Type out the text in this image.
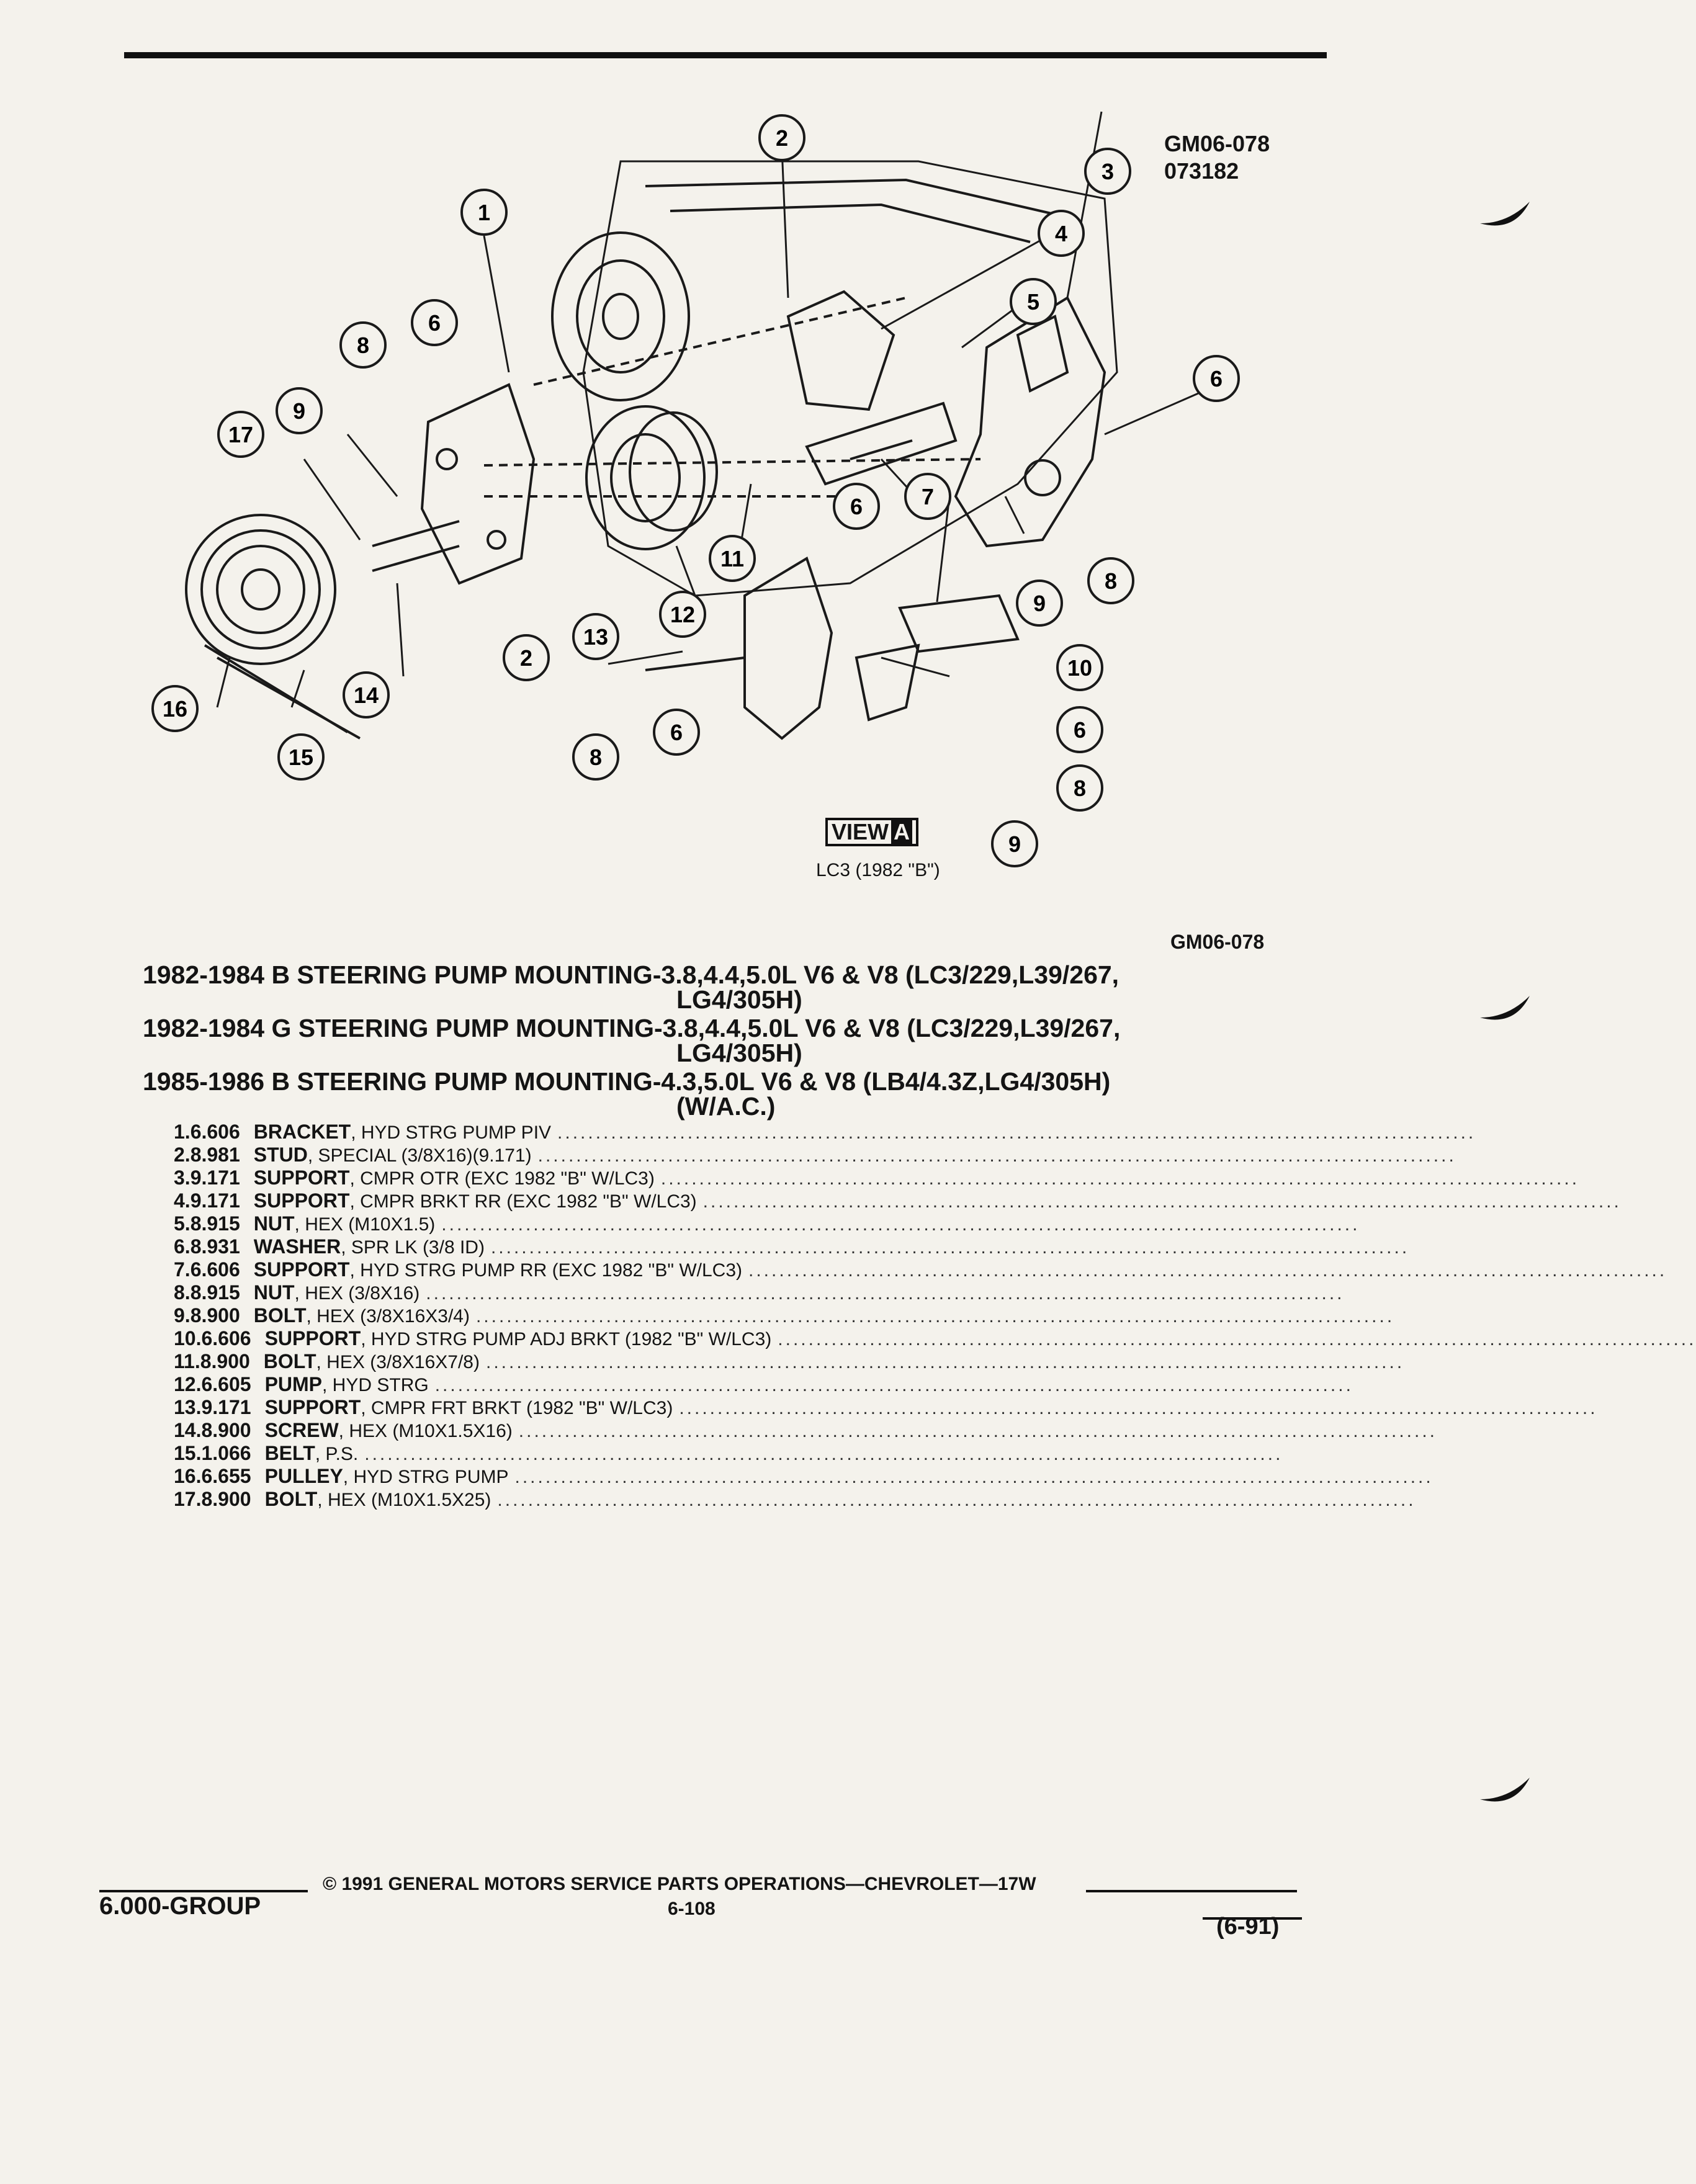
GM06-078
073182
1
2
3
4
5
6
6
6
6	6
7
8
8
8
8
9
9
9
10
11
12
13
14
15
16
17
2
VIEW A
LC3 (1982 "B")
GM06-078
1982-1984 B STEERING PUMP MOUNTING-3.8,4.4,5.0L V6 & V8 (LC3/229,L39/267,
LG4/305H)
1982-1984 G STEERING PUMP MOUNTING-3.8,4.4,5.0L V6 & V8 (LC3/229,L39/267,
LG4/305H)
1985-1986 B STEERING PUMP MOUNTING-4.3,5.0L V6 & V8 (LB4/4.3Z,LG4/305H)
(W/A.C.)
1. 6.606 BRACKET , HYD STRG PUMP PIV ........................................................................................................................
2. 8.981 STUD , SPECIAL (3/8X16)(9.171) ........................................................................................................................
3. 9.171 SUPPORT , CMPR OTR (EXC 1982 "B" W/LC3) ........................................................................................................................
4. 9.171 SUPPORT , CMPR BRKT RR (EXC 1982 "B" W/LC3) ........................................................................................................................
5. 8.915 NUT , HEX (M10X1.5) ........................................................................................................................
6. 8.931 WASHER , SPR LK (3/8 ID) ........................................................................................................................
7. 6.606 SUPPORT , HYD STRG PUMP RR (EXC 1982 "B" W/LC3) ........................................................................................................................
8. 8.915 NUT , HEX (3/8X16) ........................................................................................................................
9. 8.900 BOLT , HEX (3/8X16X3/4) ........................................................................................................................
10. 6.606 SUPPORT , HYD STRG PUMP ADJ BRKT (1982 "B" W/LC3) ........................................................................................................................
11. 8.900 BOLT , HEX (3/8X16X7/8) ........................................................................................................................
12. 6.605 PUMP , HYD STRG ........................................................................................................................
13. 9.171 SUPPORT , CMPR FRT BRKT (1982 "B" W/LC3) ........................................................................................................................
14. 8.900 SCREW , HEX (M10X1.5X16) ........................................................................................................................
15. 1.066 BELT , P.S. ........................................................................................................................
16. 6.655 PULLEY , HYD STRG PUMP ........................................................................................................................
17. 8.900 BOLT , HEX (M10X1.5X25) ........................................................................................................................
6.000-GROUP
© 1991 GENERAL MOTORS SERVICE PARTS OPERATIONS—CHEVROLET—17W
6-108
(6-91)
